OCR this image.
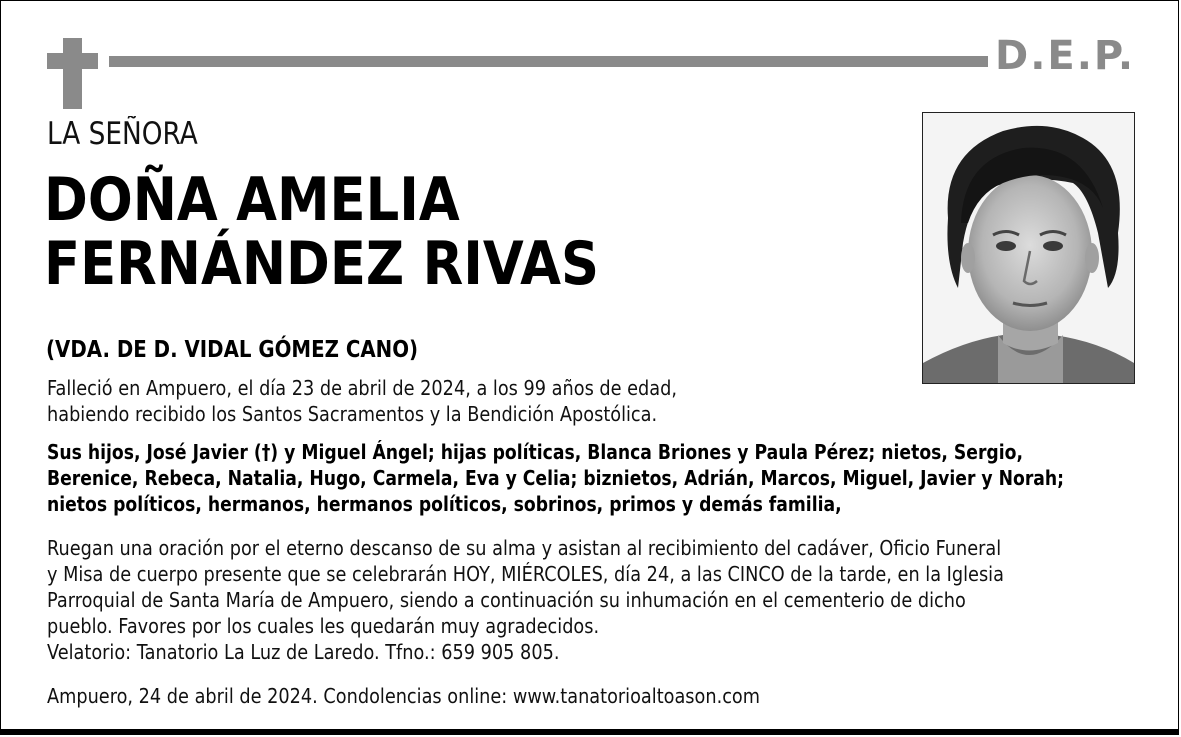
D.E.P.
LA SEÑORA
DOÑA AMELIA
FERNÁNDEZ RIVAS
(VDA. DE D. VIDAL GÓMEZ CANO)
Falleció en Ampuero, el día 23 de abril de 2024, a los 99 años de edad,
habiendo recibido los Santos Sacramentos y la Bendición Apostólica.
Sus hijos, José Javier (†) y Miguel Ángel; hijas políticas, Blanca Briones y Paula Pérez; nietos, Sergio,
Berenice, Rebeca, Natalia, Hugo, Carmela, Eva y Celia; biznietos, Adrián, Marcos, Miguel, Javier y Norah;
nietos políticos, hermanos, hermanos políticos, sobrinos, primos y demás familia,
Ruegan una oración por el eterno descanso de su alma y asistan al recibimiento del cadáver, Oficio Funeral
y Misa de cuerpo presente que se celebrarán HOY, MIÉRCOLES, día 24, a las CINCO de la tarde, en la Iglesia
Parroquial de Santa María de Ampuero, siendo a continuación su inhumación en el cementerio de dicho
pueblo. Favores por los cuales les quedarán muy agradecidos.
Velatorio: Tanatorio La Luz de Laredo. Tfno.: 659 905 805.
Ampuero, 24 de abril de 2024. Condolencias online: www.tanatorioaltoason.com
